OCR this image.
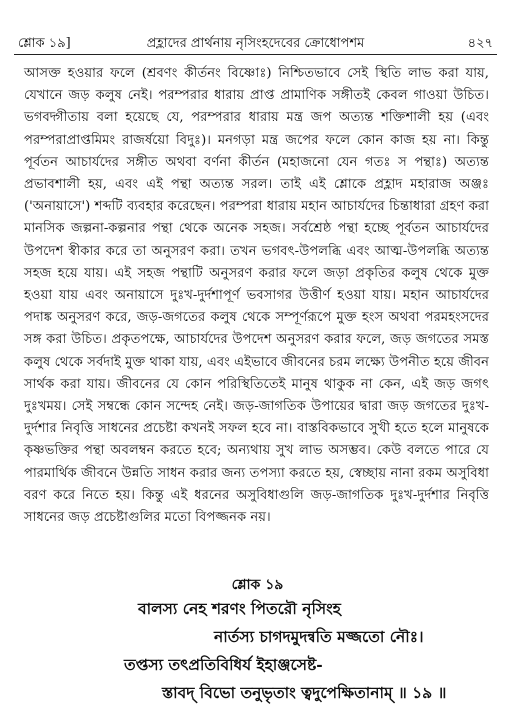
শ্লোক ১৯]	প্রহ্লাদের প্রার্থনায় নৃসিংহদেবের ক্রোধোপশম	৪২৭

আসক্ত হওয়ার ফলে (শ্রবণং কীর্তনং বিষ্ণোঃ) নিশ্চিতভাবে সেই স্থিতি লাভ করা যায়, যেখানে জড় কলুষ নেই। পরম্পরার ধারায় প্রাপ্ত প্রামাণিক সঙ্গীতই কেবল গাওয়া উচিত। ভগবদ্গীতায় বলা হয়েছে যে, পরম্পরার ধারায় মন্ত্র জপ অত্যন্ত শক্তিশালী হয় (এবং পরম্পরাপ্রাপ্তমিমং রাজর্ষয়ো বিদুঃ)। মনগড়া মন্ত্র জপের ফলে কোন কাজ হয় না। কিন্তু পূর্বতন আচার্যদের সঙ্গীত অথবা বর্ণনা কীর্তন (মহাজনো যেন গতঃ স পন্থাঃ) অত্যন্ত প্রভাবশালী হয়, এবং এই পন্থা অত্যন্ত সরল। তাই এই শ্লোকে প্রহ্লাদ মহারাজ অঞ্জঃ ('অনায়াসে') শব্দটি ব্যবহার করেছেন। পরম্পরা ধারায় মহান আচার্যদের চিন্তাধারা গ্রহণ করা মানসিক জল্পনা-কল্পনার পন্থা থেকে অনেক সহজ। সর্বশ্রেষ্ঠ পন্থা হচ্ছে পূর্বতন আচার্যদের উপদেশ স্বীকার করে তা অনুসরণ করা। তখন ভগবৎ-উপলব্ধি এবং আত্ম-উপলব্ধি অত্যন্ত সহজ হয়ে যায়। এই সহজ পন্থাটি অনুসরণ করার ফলে জড়া প্রকৃতির কলুষ থেকে মুক্ত হওয়া যায় এবং অনায়াসে দুঃখ-দুর্দশাপূর্ণ ভবসাগর উত্তীর্ণ হওয়া যায়। মহান আচার্যদের পদাঙ্ক অনুসরণ করে, জড়-জগতের কলুষ থেকে সম্পূর্ণরূপে মুক্ত হংস অথবা পরমহংসদের সঙ্গ করা উচিত। প্রকৃতপক্ষে, আচার্যদের উপদেশ অনুসরণ করার ফলে, জড় জগতের সমস্ত কলুষ থেকে সর্বদাই মুক্ত থাকা যায়, এবং এইভাবে জীবনের চরম লক্ষ্যে উপনীত হয়ে জীবন সার্থক করা যায়। জীবনের যে কোন পরিস্থিতিতেই মানুষ থাকুক না কেন, এই জড় জগৎ দুঃখময়। সেই সম্বন্ধে কোন সন্দেহ নেই। জড়-জাগতিক উপায়ের দ্বারা জড় জগতের দুঃখ-দুর্দশার নিবৃত্তি সাধনের প্রচেষ্টা কখনই সফল হবে না। বাস্তবিকভাবে সুখী হতে হলে মানুষকে কৃষ্ণভক্তির পন্থা অবলম্বন করতে হবে; অন্যথায় সুখ লাভ অসম্ভব। কেউ বলতে পারে যে পারমার্থিক জীবনে উন্নতি সাধন করার জন্য তপস্যা করতে হয়, স্বেচ্ছায় নানা রকম অসুবিধা বরণ করে নিতে হয়। কিন্তু এই ধরনের অসুবিধাগুলি জড়-জাগতিক দুঃখ-দুর্দশার নিবৃত্তি সাধনের জড় প্রচেষ্টাগুলির মতো বিপজ্জনক নয়।

শ্লোক ১৯
বালস্য নেহ শরণং পিতরৌ নৃসিংহ
নার্তস্য চাগদমুদন্বতি মজ্জতো নৌঃ।
তপ্তস্য তৎপ্রতিবিধির্য ইহাঞ্জসেষ্ট-
স্তাবদ্ বিভো তনুভৃতাং ত্বদুপেক্ষিতানাম্ ॥ ১৯ ॥
